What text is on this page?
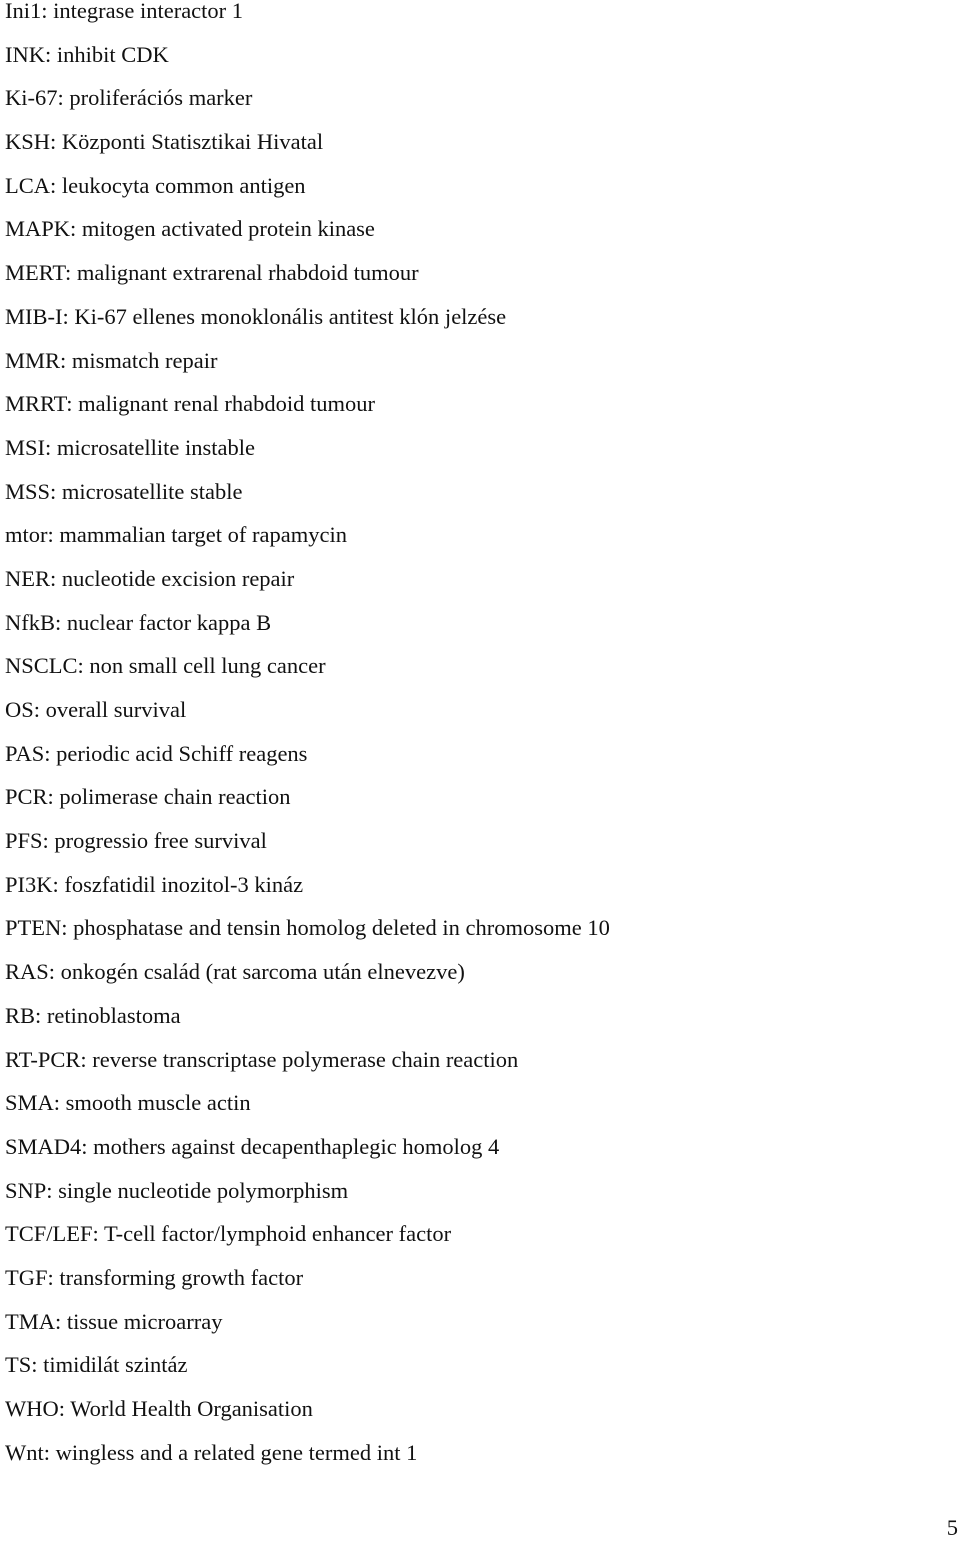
Ini1: integrase interactor 1
INK: inhibit CDK
Ki-67: proliferációs marker
KSH: Központi Statisztikai Hivatal
LCA: leukocyta common antigen
MAPK: mitogen activated protein kinase
MERT: malignant extrarenal rhabdoid tumour
MIB-I: Ki-67 ellenes monoklonális antitest klón jelzése
MMR: mismatch repair
MRRT: malignant renal rhabdoid tumour
MSI: microsatellite instable
MSS: microsatellite stable
mtor: mammalian target of rapamycin
NER: nucleotide excision repair
NfkB: nuclear factor kappa B
NSCLC: non small cell lung cancer
OS: overall survival
PAS: periodic acid Schiff reagens
PCR: polimerase chain reaction
PFS: progressio free survival
PI3K: foszfatidil inozitol-3 kináz
PTEN: phosphatase and tensin homolog deleted in chromosome 10
RAS: onkogén család (rat sarcoma után elnevezve)
RB: retinoblastoma
RT-PCR: reverse transcriptase polymerase chain reaction
SMA: smooth muscle actin
SMAD4: mothers against decapenthaplegic homolog 4
SNP: single nucleotide polymorphism
TCF/LEF: T-cell factor/lymphoid enhancer factor
TGF: transforming growth factor
TMA: tissue microarray
TS: timidilát szintáz
WHO: World Health Organisation
Wnt: wingless and a related gene termed int 1
5
